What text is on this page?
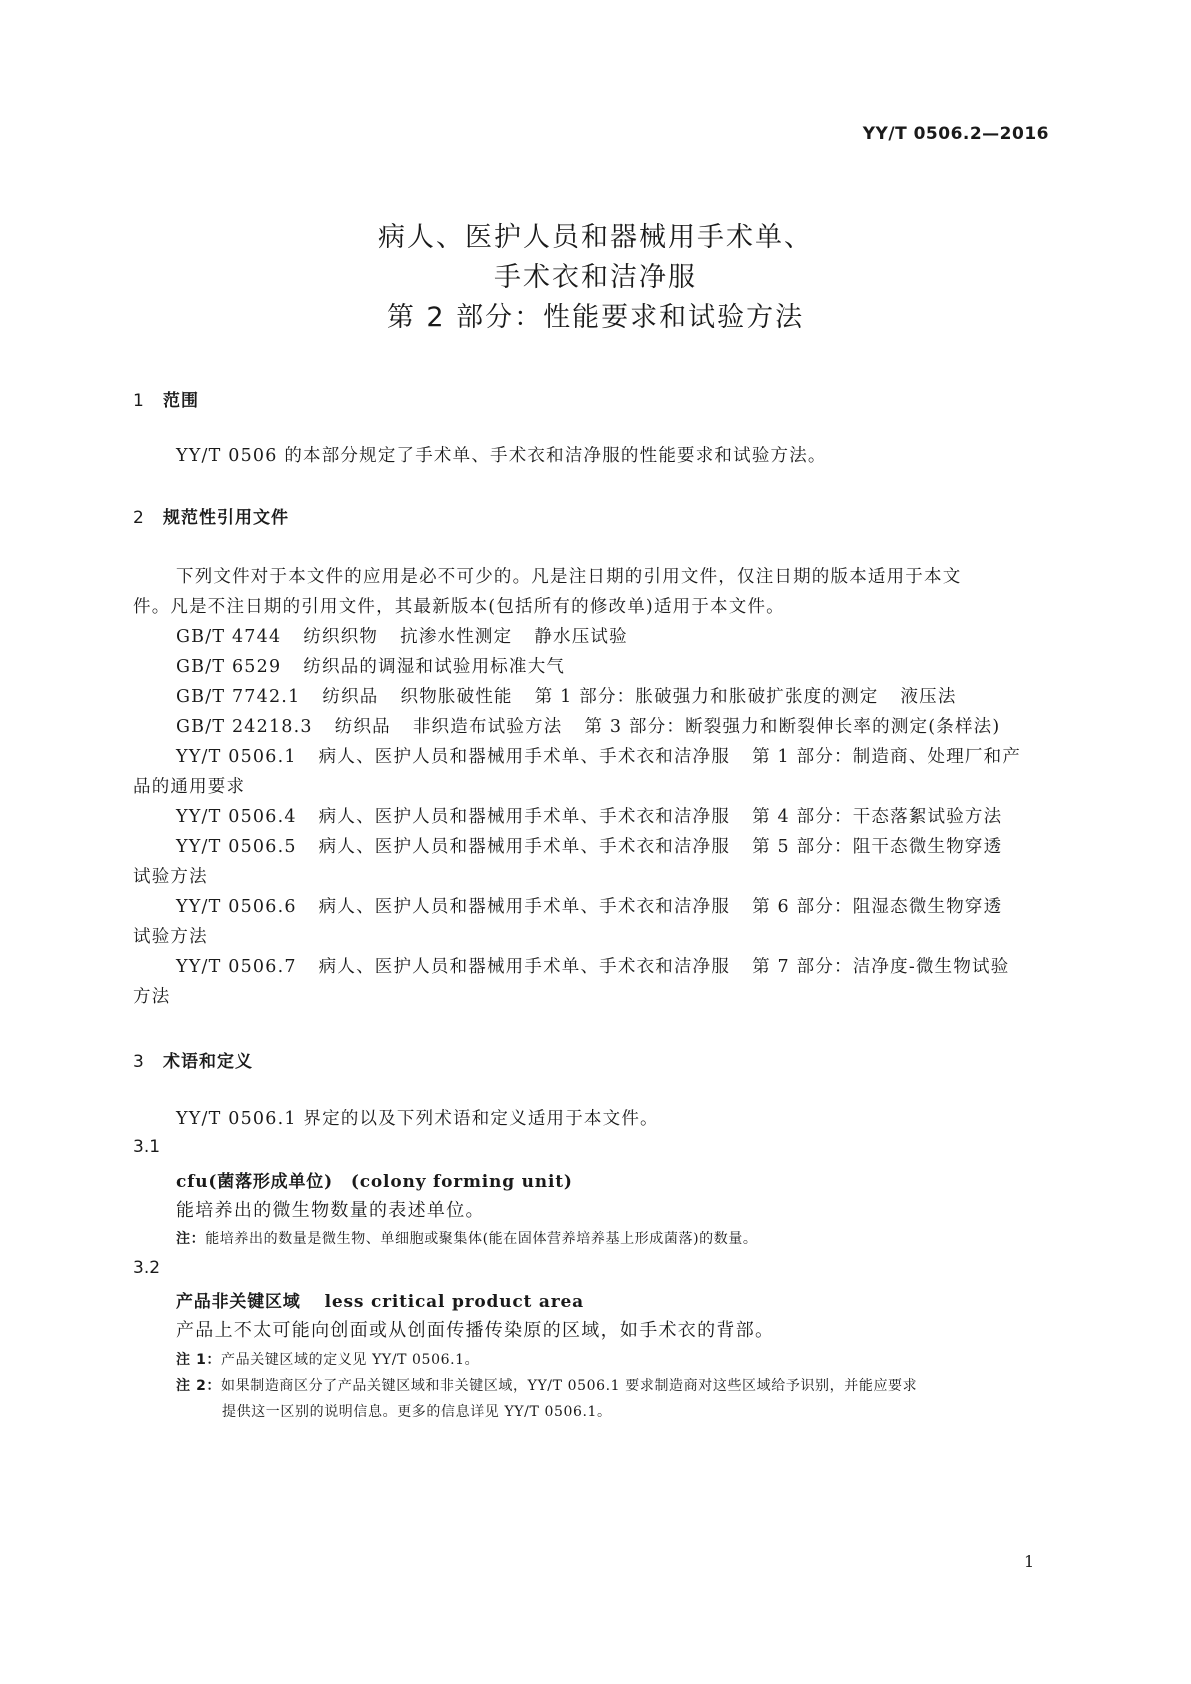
YY/T 0506.2—2016
病人、医护人员和器械用手术单、
手术衣和洁净服
第 2 部分：性能要求和试验方法
1 范围
YY/T 0506 的本部分规定了手术单、手术衣和洁净服的性能要求和试验方法。
2 规范性引用文件
下列文件对于本文件的应用是必不可少的。凡是注日期的引用文件，仅注日期的版本适用于本文
件。凡是不注日期的引用文件，其最新版本(包括所有的修改单)适用于本文件。
GB/T 4744 纺织织物 抗渗水性测定 静水压试验
GB/T 6529 纺织品的调湿和试验用标准大气
GB/T 7742.1 纺织品 织物胀破性能 第 1 部分：胀破强力和胀破扩张度的测定 液压法
GB/T 24218.3 纺织品 非织造布试验方法 第 3 部分：断裂强力和断裂伸长率的测定(条样法)
YY/T 0506.1 病人、医护人员和器械用手术单、手术衣和洁净服 第 1 部分：制造商、处理厂和产
品的通用要求
YY/T 0506.4 病人、医护人员和器械用手术单、手术衣和洁净服 第 4 部分：干态落絮试验方法
YY/T 0506.5 病人、医护人员和器械用手术单、手术衣和洁净服 第 5 部分：阻干态微生物穿透
试验方法
YY/T 0506.6 病人、医护人员和器械用手术单、手术衣和洁净服 第 6 部分：阻湿态微生物穿透
试验方法
YY/T 0506.7 病人、医护人员和器械用手术单、手术衣和洁净服 第 7 部分：洁净度-微生物试验
方法
3 术语和定义
YY/T 0506.1 界定的以及下列术语和定义适用于本文件。
3.1
cfu(菌落形成单位) (colony forming unit)
能培养出的微生物数量的表述单位。
注：能培养出的数量是微生物、单细胞或聚集体(能在固体营养培养基上形成菌落)的数量。
3.2
产品非关键区域 less critical product area
产品上不太可能向创面或从创面传播传染原的区域，如手术衣的背部。
注 1：产品关键区域的定义见 YY/T 0506.1。
注 2：如果制造商区分了产品关键区域和非关键区域，YY/T 0506.1 要求制造商对这些区域给予识别，并能应要求
提供这一区别的说明信息。更多的信息详见 YY/T 0506.1。
1
